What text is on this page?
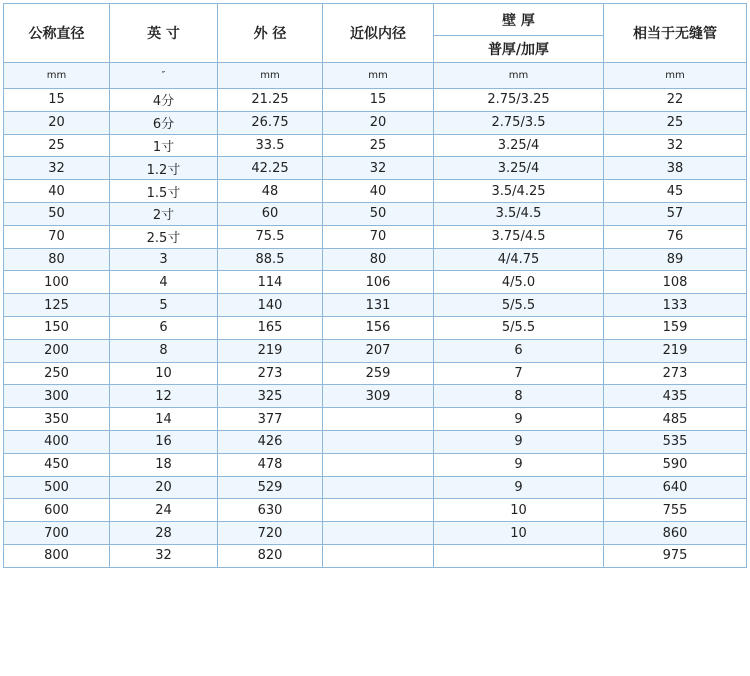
公称直径	英 寸	外 径	近似内径	壁 厚	相当于无缝管
				普厚/加厚	
mm	″	mm	mm	mm	mm
15	4分	21.25	15	2.75/3.25	22
20	6分	26.75	20	2.75/3.5	25
25	1寸	33.5	25	3.25/4	32
32	1.2寸	42.25	32	3.25/4	38
40	1.5寸	48	40	3.5/4.25	45
50	2寸	60	50	3.5/4.5	57
70	2.5寸	75.5	70	3.75/4.5	76
80	3	88.5	80	4/4.75	89
100	4	114	106	4/5.0	108
125	5	140	131	5/5.5	133
150	6	165	156	5/5.5	159
200	8	219	207	6	219
250	10	273	259	7	273
300	12	325	309	8	435
350	14	377		9	485
400	16	426		9	535
450	18	478		9	590
500	20	529		9	640
600	24	630		10	755
700	28	720		10	860
800	32	820			975
